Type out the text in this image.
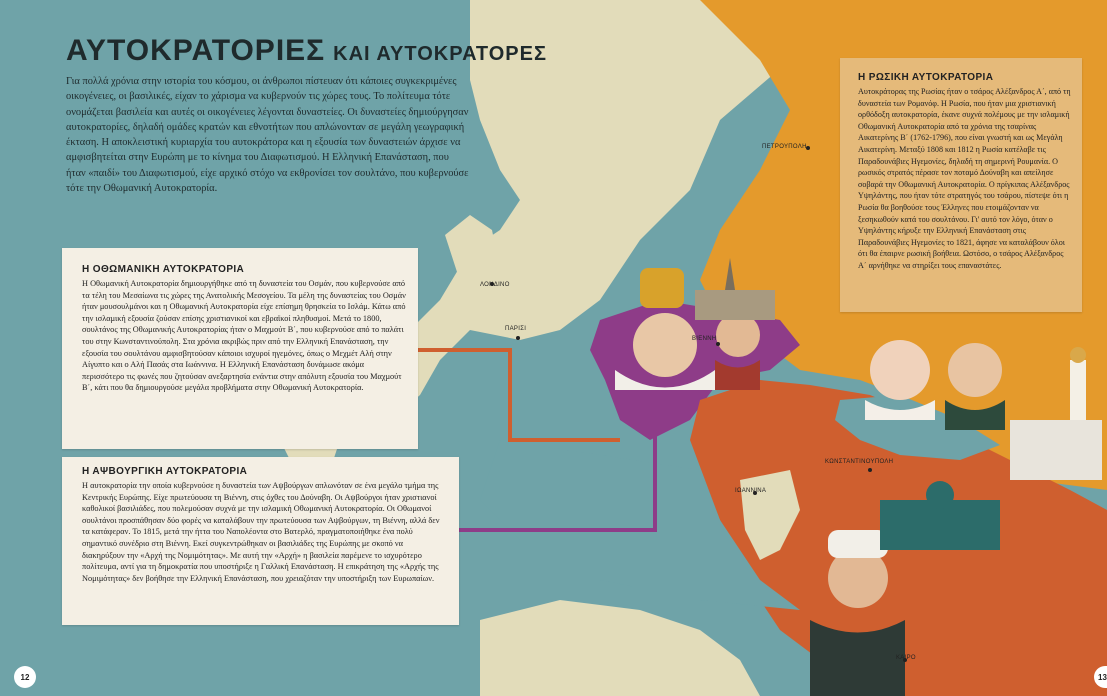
ΑΥΤΟΚΡΑΤΟΡΙΕΣ ΚΑΙ ΑΥΤΟΚΡΑΤΟΡΕΣ

Για πολλά χρόνια στην ιστορία του κόσμου, οι άνθρωποι πίστευαν ότι κάποιες συγκεκριμένες οικογένειες, οι βασιλικές, είχαν το χάρισμα να κυβερνούν τις χώρες τους. Το πολίτευμα τότε ονομάζεται βασιλεία και αυτές οι οικογένειες λέγονται δυναστείες. Οι δυναστείες δημιούργησαν αυτοκρατορίες, δηλαδή ομάδες κρατών και εθνοτήτων που απλώνονταν σε μεγάλη γεωγραφική έκταση. Η αποκλειστική κυριαρχία του αυτοκράτορα και η εξουσία των δυναστειών άρχισε να αμφισβητείται στην Ευρώπη με το κίνημα του Διαφωτισμού. Η Ελληνική Επανάσταση, που ήταν «παιδί» του Διαφωτισμού, είχε αρχικό στόχο να εκθρονίσει τον σουλτάνο, που κυβερνούσε τότε την Οθωμανική Αυτοκρατορία.

Η ΟΘΩΜΑΝΙΚΗ ΑΥΤΟΚΡΑΤΟΡΙΑ

Η Οθωμανική Αυτοκρατορία δημιουργήθηκε από τη δυναστεία του Οσμάν, που κυβερνούσε από τα τέλη του Μεσαίωνα τις χώρες της Ανατολικής Μεσογείου. Τα μέλη της δυναστείας του Οσμάν ήταν μουσουλμάνοι και η Οθωμανική Αυτοκρατορία είχε επίσημη θρησκεία το Ισλάμ. Κάτω από την ισλαμική εξουσία ζούσαν επίσης χριστιανικοί και εβραϊκοί πληθυσμοί. Μετά το 1800, σουλτάνος της Οθωμανικής Αυτοκρατορίας ήταν ο Μαχμούτ Β΄, που κυβερνούσε από το παλάτι του στην Κωνσταντινούπολη. Στα χρόνια ακριβώς πριν από την Ελληνική Επανάσταση, την εξουσία του σουλτάνου αμφισβητούσαν κάποιοι ισχυροί ηγεμόνες, όπως ο Μεχμέτ Αλή στην Αίγυπτο και ο Αλή Πασάς στα Ιωάννινα. Η Ελληνική Επανάσταση δυνάμωσε ακόμα περισσότερο τις φωνές που ζητούσαν ανεξαρτησία ενάντια στην απόλυτη εξουσία του Μαχμούτ Β΄, κάτι που θα δημιουργούσε μεγάλα προβλήματα στην Οθωμανική Αυτοκρατορία.

Η ΑΨΒΟΥΡΓΙΚΗ ΑΥΤΟΚΡΑΤΟΡΙΑ

Η αυτοκρατορία την οποία κυβερνούσε η δυναστεία των Αψβούργων απλωνόταν σε ένα μεγάλο τμήμα της Κεντρικής Ευρώπης. Είχε πρωτεύουσα τη Βιέννη, στις όχθες του Δούναβη. Οι Αψβούργοι ήταν χριστιανοί καθολικοί βασιλιάδες, που πολεμούσαν συχνά με την ισλαμική Οθωμανική Αυτοκρατορία. Οι Οθωμανοί σουλτάνοι προσπάθησαν δύο φορές να καταλάβουν την πρωτεύουσα των Αψβούργων, τη Βιέννη, αλλά δεν τα κατάφεραν. Το 1815, μετά την ήττα του Ναπολέοντα στο Βατερλό, πραγματοποιήθηκε ένα πολύ σημαντικό συνέδριο στη Βιέννη. Εκεί συγκεντρώθηκαν οι βασιλιάδες της Ευρώπης με σκοπό να διακηρύξουν την «Αρχή της Νομιμότητας». Με αυτή την «Αρχή» η βασιλεία παρέμενε το ισχυρότερο πολίτευμα, αντί για τη δημοκρατία που υποστήριξε η Γαλλική Επανάσταση. Η επικράτηση της «Αρχής της Νομιμότητας» δεν βοήθησε την Ελληνική Επανάσταση, που χρειαζόταν την υποστήριξη των Ευρωπαίων.

Η ΡΩΣΙΚΗ ΑΥΤΟΚΡΑΤΟΡΙΑ

Αυτοκράτορας της Ρωσίας ήταν ο τσάρος Αλέξανδρος Α΄, από τη δυναστεία των Ρομανόφ. Η Ρωσία, που ήταν μια χριστιανική ορθόδοξη αυτοκρατορία, έκανε συχνά πολέμους με την ισλαμική Οθωμανική Αυτοκρατορία από τα χρόνια της τσαρίνας Αικατερίνης Β΄ (1762-1796), που είναι γνωστή και ως Μεγάλη Αικατερίνη. Μεταξύ 1808 και 1812 η Ρωσία κατέλαβε τις Παραδουνάβιες Ηγεμονίες, δηλαδή τη σημερινή Ρουμανία. Ο ρωσικός στρατός πέρασε τον ποταμό Δούναβη και απείλησε σοβαρά την Οθωμανική Αυτοκρατορία. Ο πρίγκιπας Αλέξανδρος Υψηλάντης, που ήταν τότε στρατηγός του τσάρου, πίστεψε ότι η Ρωσία θα βοηθούσε τους Έλληνες που ετοιμάζονταν να ξεσηκωθούν κατά του σουλτάνου. Γι' αυτό τον λόγο, όταν ο Υψηλάντης κήρυξε την Ελληνική Επανάσταση στις Παραδουνάβιες Ηγεμονίες το 1821, άφησε να καταλάβουν όλοι ότι θα έπαιρνε ρωσική βοήθεια. Ωστόσο, ο τσάρος Αλέξανδρος Α΄ αρνήθηκε να στηρίξει τους επαναστάτες.

ΛΟΝΔΙΝΟ
ΠΑΡΙΣΙ
ΒΙΕΝΝΗ
ΠΕΤΡΟΥΠΟΛΗ
ΚΩΝΣΤΑΝΤΙΝΟΥΠΟΛΗ
ΙΩΑΝΝΙΝΑ
ΚΑΙΡΟ
12	13
